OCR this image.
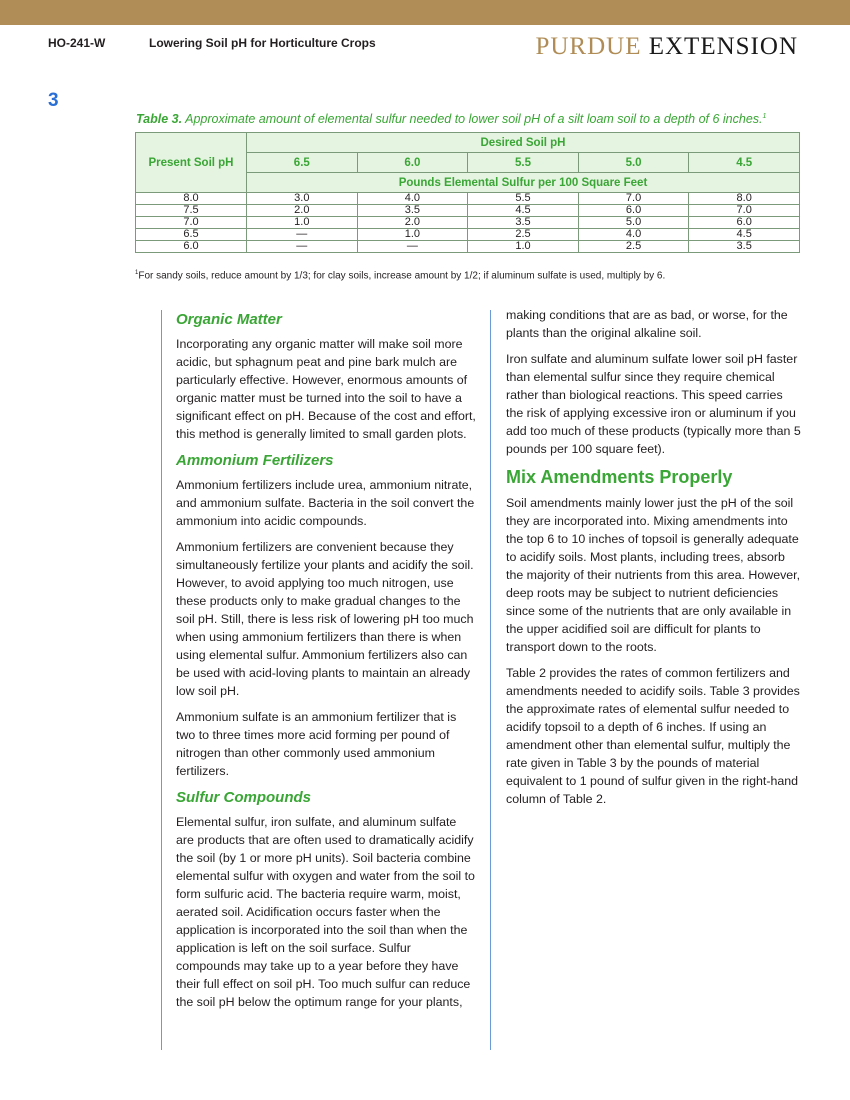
HO-241-W	Lowering Soil pH for Horticulture Crops	PURDUE EXTENSION
3
Table 3. Approximate amount of elemental sulfur needed to lower soil pH of a silt loam soil to a depth of 6 inches.$^1$
Present Soil pH	Desired Soil pH				
	6.5	6.0	5.5	5.0	4.5
	Pounds Elemental Sulfur per 100 Square Feet				
8.0	3.0	4.0	5.5	7.0	8.0
7.5	2.0	3.5	4.5	6.0	7.0
7.0	1.0	2.0	3.5	5.0	6.0
6.5	—	1.0	2.5	4.0	4.5
6.0	—	—	1.0	2.5	3.5
$^1$For sandy soils, reduce amount by 1/3; for clay soils, increase amount by 1/2; if aluminum sulfate is used, multiply by 6.
Organic Matter

Incorporating any organic matter will make soil more acidic, but sphagnum peat and pine bark mulch are particularly effective. However, enormous amounts of organic matter must be turned into the soil to have a significant effect on pH. Because of the cost and effort, this method is generally limited to small garden plots.

Ammonium Fertilizers

Ammonium fertilizers include urea, ammonium nitrate, and ammonium sulfate. Bacteria in the soil convert the ammonium into acidic compounds.

Ammonium fertilizers are convenient because they simultaneously fertilize your plants and acidify the soil. However, to avoid applying too much nitrogen, use these products only to make gradual changes to the soil pH. Still, there is less risk of lowering pH too much when using ammonium fertilizers than there is when using elemental sulfur. Ammonium fertilizers also can be used with acid-loving plants to maintain an already low soil pH.

Ammonium sulfate is an ammonium fertilizer that is two to three times more acid forming per pound of nitrogen than other commonly used ammonium fertilizers.

Sulfur Compounds

Elemental sulfur, iron sulfate, and aluminum sulfate are products that are often used to dramatically acidify the soil (by 1 or more pH units). Soil bacteria combine elemental sulfur with oxygen and water from the soil to form sulfuric acid. The bacteria require warm, moist, aerated soil. Acidification occurs faster when the application is incorporated into the soil than when the application is left on the soil surface. Sulfur compounds may take up to a year before they have their full effect on soil pH. Too much sulfur can reduce the soil pH below the optimum range for your plants,

making conditions that are as bad, or worse, for the plants than the original alkaline soil.

Iron sulfate and aluminum sulfate lower soil pH faster than elemental sulfur since they require chemical rather than biological reactions. This speed carries the risk of applying excessive iron or aluminum if you add too much of these products (typically more than 5 pounds per 100 square feet).

Mix Amendments Properly

Soil amendments mainly lower just the pH of the soil they are incorporated into. Mixing amendments into the top 6 to 10 inches of topsoil is generally adequate to acidify soils. Most plants, including trees, absorb the majority of their nutrients from this area. However, deep roots may be subject to nutrient deficiencies since some of the nutrients that are only available in the upper acidified soil are difficult for plants to transport down to the roots.

Table 2 provides the rates of common fertilizers and amendments needed to acidify soils. Table 3 provides the approximate rates of elemental sulfur needed to acidify topsoil to a depth of 6 inches. If using an amendment other than elemental sulfur, multiply the rate given in Table 3 by the pounds of material equivalent to 1 pound of sulfur given in the right-hand column of Table 2.
